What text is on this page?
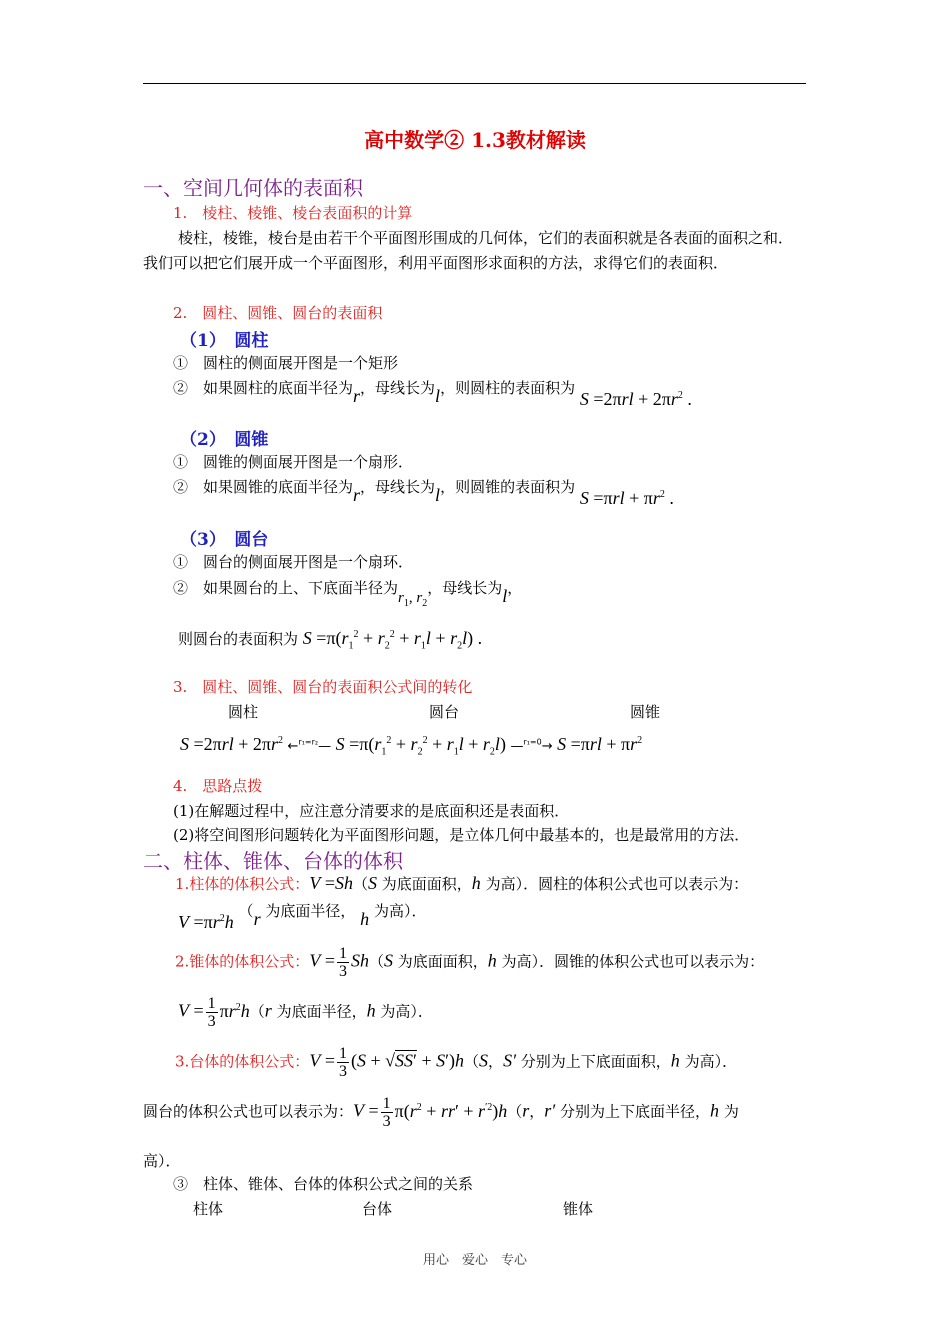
高中数学② 1.3教材解读
一、空间几何体的表面积
1.　棱柱、棱锥、棱台表面积的计算
棱柱，棱锥，棱台是由若干个平面图形围成的几何体，它们的表面积就是各表面的面积之和．我们可以把它们展开成一个平面图形，利用平面图形求面积的方法，求得它们的表面积．
2.　圆柱、圆锥、圆台的表面积
（1）　圆柱
①　圆柱的侧面展开图是一个矩形
②　如果圆柱的底面半径为r，母线长为l，则圆柱的表面积为 $S =2\pi rl + 2\pi r^2$ .
（2）　圆锥
①　圆锥的侧面展开图是一个扇形．
②　如果圆锥的底面半径为r，母线长为l，则圆锥的表面积为 $S =\pi rl + \pi r^2$ .
（3）　圆台
①　圆台的侧面展开图是一个扇环．
②　如果圆台的上、下底面半径为$r_1$, $r_2$，母线长为l，
则圆台的表面积为 $S =\pi(r_1^2 + r_2^2 + r_1l + r_2l)$ .
3.　圆柱、圆锥、圆台的表面积公式间的转化
圆柱	圆台	圆锥
$S =2\pi rl + 2\pi r^2$ ←$^{r_1=r_2}$— $S =\pi(r_1^2 + r_2^2 + r_1l + r_2l)$ —$^{r_1=0}$→ $S =\pi rl + \pi r^2$
4.　思路点拨
(1)在解题过程中，应注意分清要求的是底面积还是表面积．
(2)将空间图形问题转化为平面图形问题，是立体几何中最基本的，也是最常用的方法．
二、柱体、锥体、台体的体积
1.柱体的体积公式：V =Sh（S 为底面面积，h 为高）．圆柱的体积公式也可以表示为：
$V =\pi r^2h$ （r 为底面半径， h 为高）．
2.锥体的体积公式：$V = \frac{1}{3} Sh(S$ 为底面面积，h 为高）．圆锥的体积公式也可以表示为：
$V = \frac{1}{3} \pi r^2h(r$ 为底面半径，h 为高）．
3.台体的体积公式：$V = \frac{1}{3} (S + √SS' + S')h(S$，S′ 分别为上下底面面积，h 为高）．
圆台的体积公式也可以表示为：$V = \frac{1}{3} \pi(r^2 + rr' + r^{'2})h(r$，r′ 分别为上下底面半径，h 为
高）．
③　柱体、锥体、台体的体积公式之间的关系
柱体	台体	锥体
用心　爱心　专心
